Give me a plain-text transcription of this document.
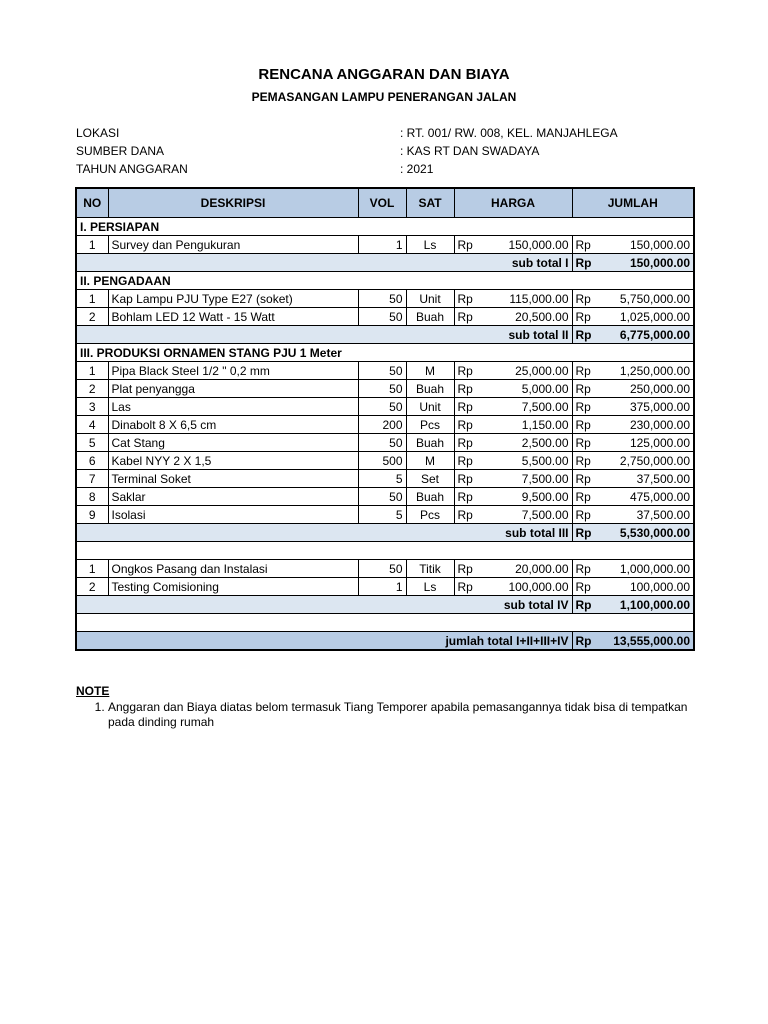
RENCANA ANGGARAN DAN BIAYA
PEMASANGAN LAMPU PENERANGAN JALAN
LOKASI	: RT. 001/ RW. 008, KEL. MANJAHLEGA
SUMBER DANA	: KAS RT DAN SWADAYA
TAHUN ANGGARAN	: 2021
NO	DESKRIPSI	VOL	SAT	HARGA		JUMLAH	
I. PERSIAPAN							
1	Survey dan Pengukuran	1	Ls	Rp	150,000.00	Rp	150,000.00
sub total I						Rp	150,000.00
II. PENGADAAN							
1	Kap Lampu PJU Type E27 (soket)	50	Unit	Rp	115,000.00	Rp	5,750,000.00
2	Bohlam LED 12 Watt - 15 Watt	50	Buah	Rp	20,500.00	Rp	1,025,000.00
sub total II						Rp	6,775,000.00
III. PRODUKSI ORNAMEN STANG PJU 1 Meter							
1	Pipa Black Steel 1/2 " 0,2 mm	50	M	Rp	25,000.00	Rp	1,250,000.00
2	Plat penyangga	50	Buah	Rp	5,000.00	Rp	250,000.00
3	Las	50	Unit	Rp	7,500.00	Rp	375,000.00
4	Dinabolt 8 X 6,5 cm	200	Pcs	Rp	1,150.00	Rp	230,000.00
5	Cat Stang	50	Buah	Rp	2,500.00	Rp	125,000.00
6	Kabel NYY 2 X 1,5	500	M	Rp	5,500.00	Rp	2,750,000.00
7	Terminal Soket	5	Set	Rp	7,500.00	Rp	37,500.00
8	Saklar	50	Buah	Rp	9,500.00	Rp	475,000.00
9	Isolasi	5	Pcs	Rp	7,500.00	Rp	37,500.00
sub total III						Rp	5,530,000.00

1	Ongkos Pasang dan Instalasi	50	Titik	Rp	20,000.00	Rp	1,000,000.00
2	Testing Comisioning	1	Ls	Rp	100,000.00	Rp	100,000.00
sub total IV						Rp	1,100,000.00

jumlah total I+II+III+IV						Rp	13,555,000.00
NOTE
1. Anggaran dan Biaya diatas belom termasuk Tiang Temporer apabila pemasangannya tidak bisa di tempatkan pada dinding rumah
